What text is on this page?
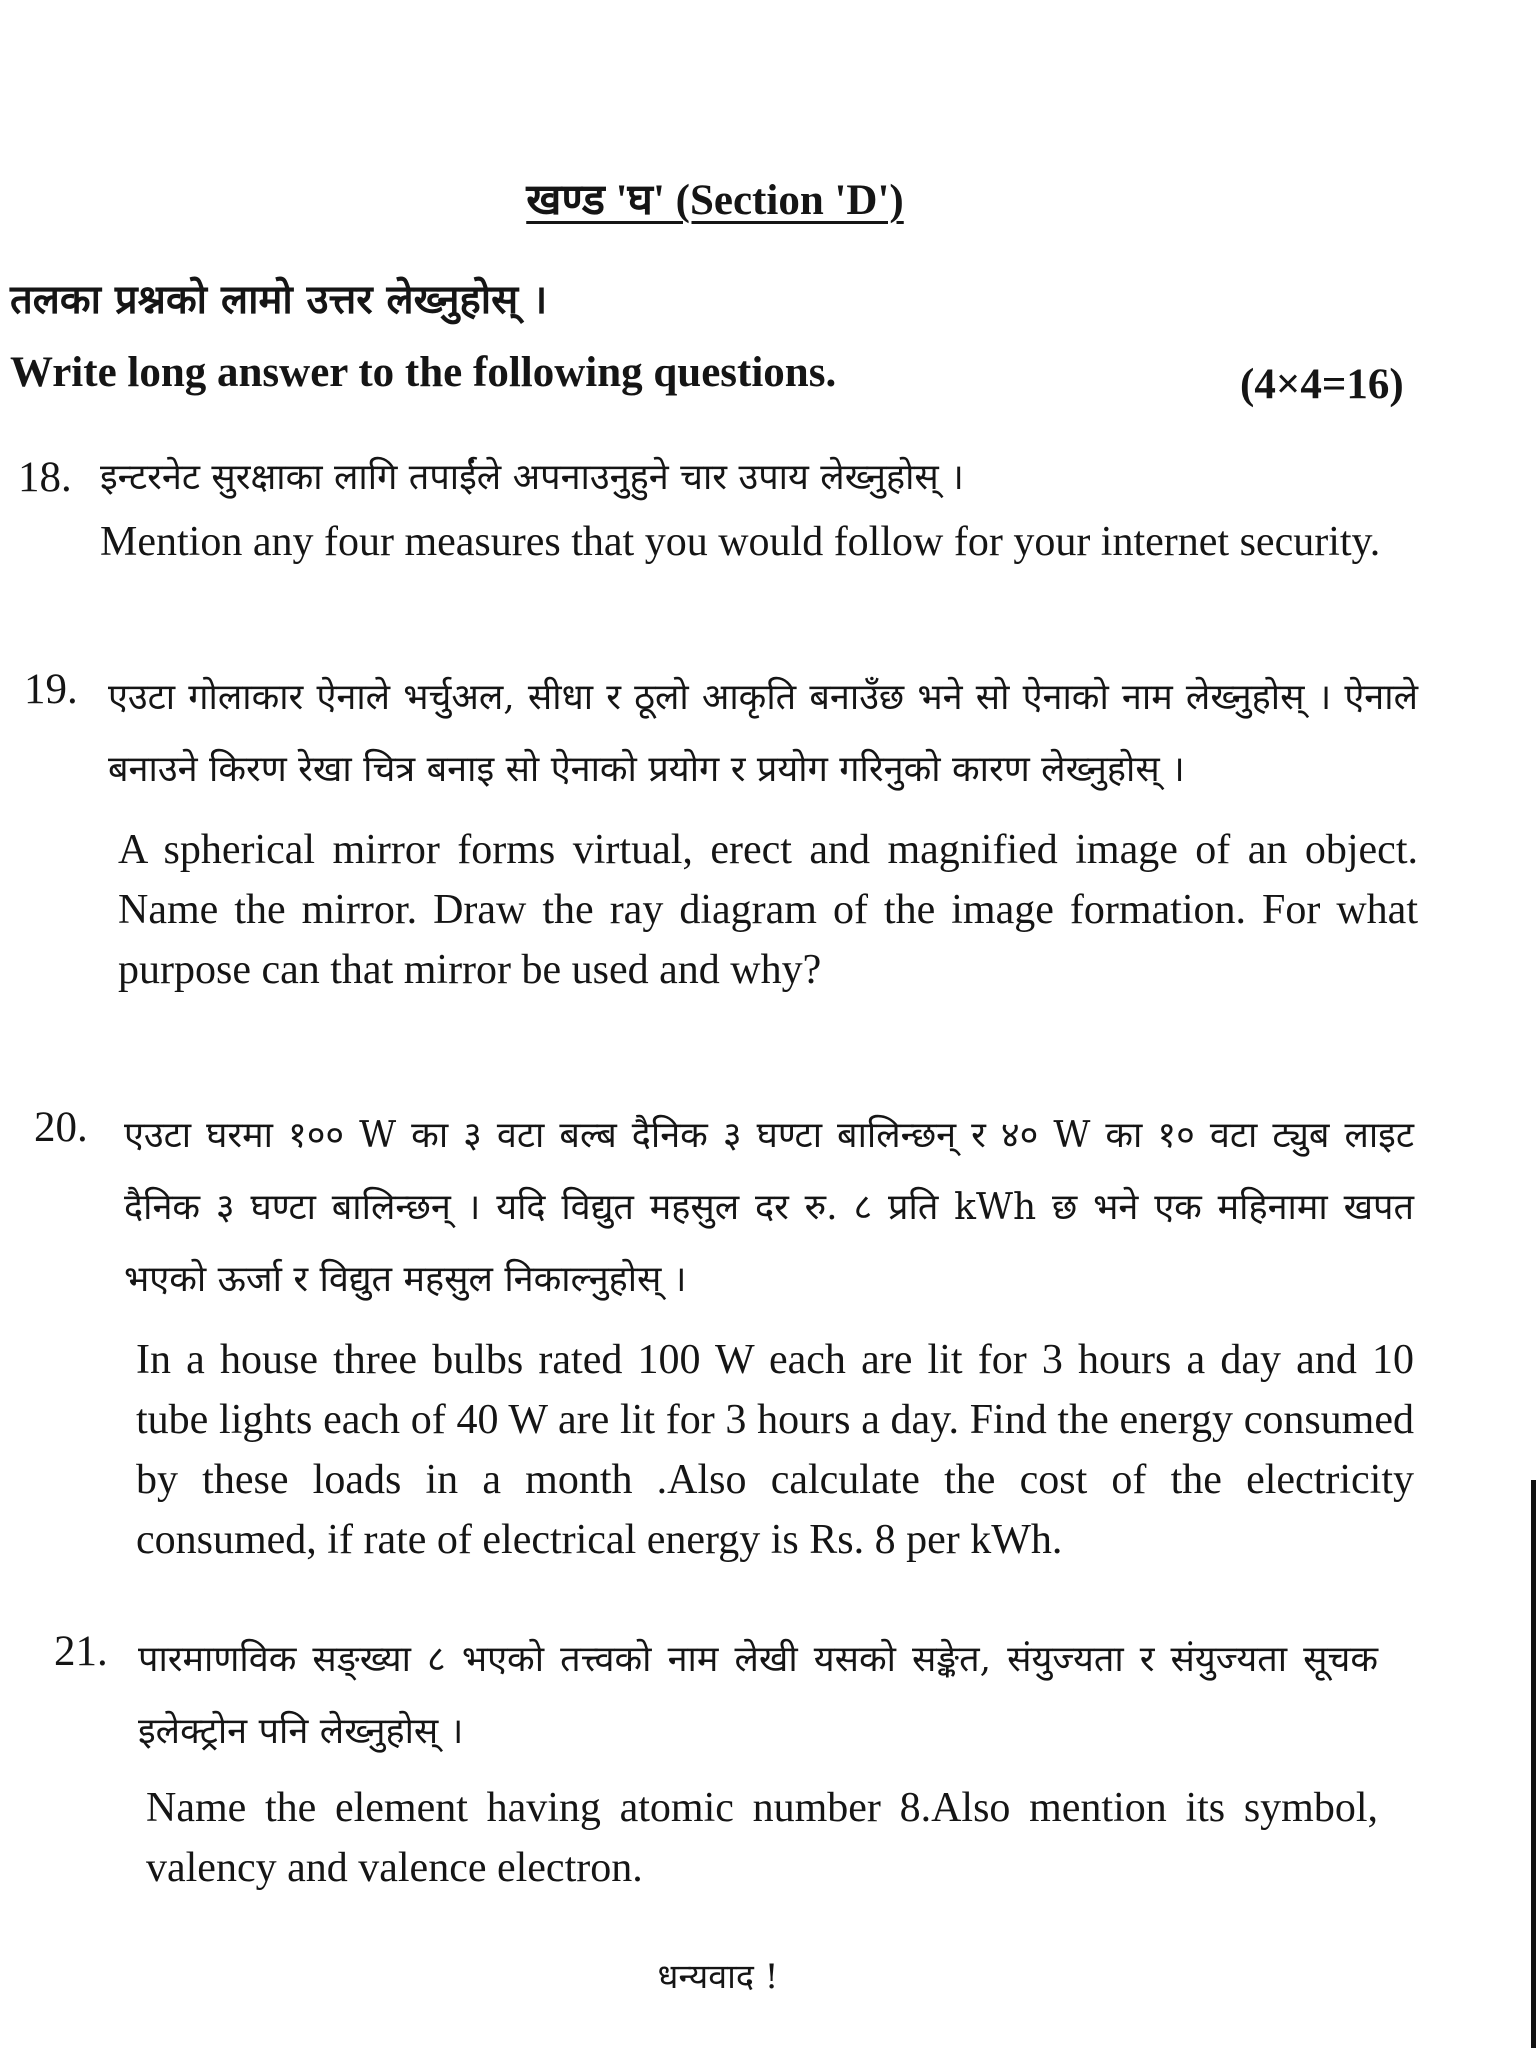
खण्ड 'घ' (Section 'D')
तलका प्रश्नको लामो उत्तर लेख्नुहोस् ।
Write long answer to the following questions.	(4×4=16)
18. इन्टरनेट सुरक्षाका लागि तपाईंले अपनाउनुहुने चार उपाय लेख्नुहोस् ।

Mention any four measures that you would follow for your internet security.

19. एउटा गोलाकार ऐनाले भर्चुअल, सीधा र ठूलो आकृति बनाउँछ भने सो ऐनाको नाम लेख्नुहोस् । ऐनाले बनाउने किरण रेखा चित्र बनाइ सो ऐनाको प्रयोग र प्रयोग गरिनुको कारण लेख्नुहोस् ।

A spherical mirror forms virtual, erect and magnified image of an object. Name the mirror. Draw the ray diagram of the image formation. For what purpose can that mirror be used and why?

20. एउटा घरमा १०० W का ३ वटा बल्ब दैनिक ३ घण्टा बालिन्छन् र ४० W का १० वटा ट्युब लाइट दैनिक ३ घण्टा बालिन्छन् । यदि विद्युत महसुल दर रु. ८ प्रति kWh छ भने एक महिनामा खपत भएको ऊर्जा र विद्युत महसुल निकाल्नुहोस् ।

In a house three bulbs rated 100 W each are lit for 3 hours a day and 10 tube lights each of 40 W are lit for 3 hours a day. Find the energy consumed by these loads in a month .Also calculate the cost of the electricity consumed, if rate of electrical energy is Rs. 8 per kWh.

21. पारमाणविक सङ्ख्या ८ भएको तत्त्वको नाम लेखी यसको सङ्केत, संयुज्यता र संयुज्यता सूचक इलेक्ट्रोन पनि लेख्नुहोस् ।

Name the element having atomic number 8.Also mention its symbol, valency and valence electron.

धन्यवाद !
